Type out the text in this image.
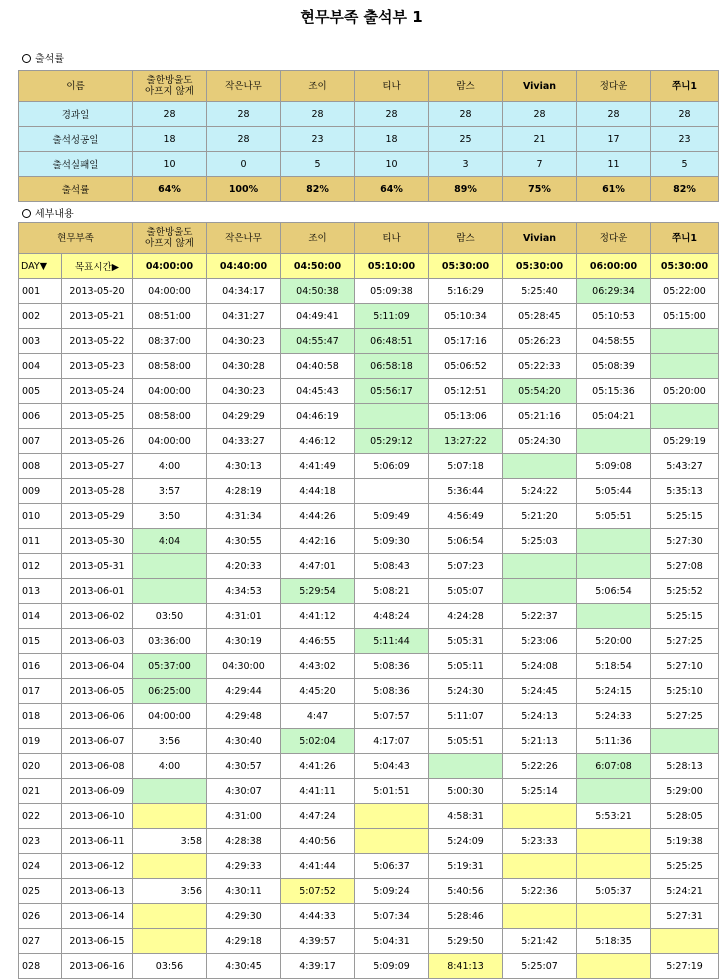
현무부족 출석부 1
출석률
이름	출한방울도
아프지 않게	작은나무	조이	티나	람스	Vivian	정다운	쭈니1
경과일	28	28	28	28	28	28	28	28
출석성공일	18	28	23	18	25	21	17	23
출석실패일	10	0	5	10	3	7	11	5
출석률	64%	100%	82%	64%	89%	75%	61%	82%
세부내용
현무부족		출한방울도
아프지 않게	작은나무	조이	티나	람스	Vivian	정다운	쭈니1
DAY▼	목표시간▶	04:00:00	04:40:00	04:50:00	05:10:00	05:30:00	05:30:00	06:00:00	05:30:00
001	2013-05-20	04:00:00	04:34:17	04:50:38	05:09:38	5:16:29	5:25:40	06:29:34	05:22:00
002	2013-05-21	08:51:00	04:31:27	04:49:41	5:11:09	05:10:34	05:28:45	05:10:53	05:15:00
003	2013-05-22	08:37:00	04:30:23	04:55:47	06:48:51	05:17:16	05:26:23	04:58:55	
004	2013-05-23	08:58:00	04:30:28	04:40:58	06:58:18	05:06:52	05:22:33	05:08:39	
005	2013-05-24	04:00:00	04:30:23	04:45:43	05:56:17	05:12:51	05:54:20	05:15:36	05:20:00
006	2013-05-25	08:58:00	04:29:29	04:46:19		05:13:06	05:21:16	05:04:21	
007	2013-05-26	04:00:00	04:33:27	4:46:12	05:29:12	13:27:22	05:24:30		05:29:19
008	2013-05-27	4:00	4:30:13	4:41:49	5:06:09	5:07:18		5:09:08	5:43:27
009	2013-05-28	3:57	4:28:19	4:44:18		5:36:44	5:24:22	5:05:44	5:35:13
010	2013-05-29	3:50	4:31:34	4:44:26	5:09:49	4:56:49	5:21:20	5:05:51	5:25:15
011	2013-05-30	4:04	4:30:55	4:42:16	5:09:30	5:06:54	5:25:03		5:27:30
012	2013-05-31		4:20:33	4:47:01	5:08:43	5:07:23			5:27:08
013	2013-06-01		4:34:53	5:29:54	5:08:21	5:05:07		5:06:54	5:25:52
014	2013-06-02	03:50	4:31:01	4:41:12	4:48:24	4:24:28	5:22:37		5:25:15
015	2013-06-03	03:36:00	4:30:19	4:46:55	5:11:44	5:05:31	5:23:06	5:20:00	5:27:25
016	2013-06-04	05:37:00	04:30:00	4:43:02	5:08:36	5:05:11	5:24:08	5:18:54	5:27:10
017	2013-06-05	06:25:00	4:29:44	4:45:20	5:08:36	5:24:30	5:24:45	5:24:15	5:25:10
018	2013-06-06	04:00:00	4:29:48	4:47	5:07:57	5:11:07	5:24:13	5:24:33	5:27:25
019	2013-06-07	3:56	4:30:40	5:02:04	4:17:07	5:05:51	5:21:13	5:11:36	
020	2013-06-08	4:00	4:30:57	4:41:26	5:04:43		5:22:26	6:07:08	5:28:13
021	2013-06-09		4:30:07	4:41:11	5:01:51	5:00:30	5:25:14		5:29:00
022	2013-06-10		4:31:00	4:47:24		4:58:31		5:53:21	5:28:05
023	2013-06-11	3:58	4:28:38	4:40:56		5:24:09	5:23:33		5:19:38
024	2013-06-12		4:29:33	4:41:44	5:06:37	5:19:31			5:25:25
025	2013-06-13	3:56	4:30:11	5:07:52	5:09:24	5:40:56	5:22:36	5:05:37	5:24:21
026	2013-06-14		4:29:30	4:44:33	5:07:34	5:28:46			5:27:31
027	2013-06-15		4:29:18	4:39:57	5:04:31	5:29:50	5:21:42	5:18:35	
028	2013-06-16	03:56	4:30:45	4:39:17	5:09:09	8:41:13	5:25:07		5:27:19
